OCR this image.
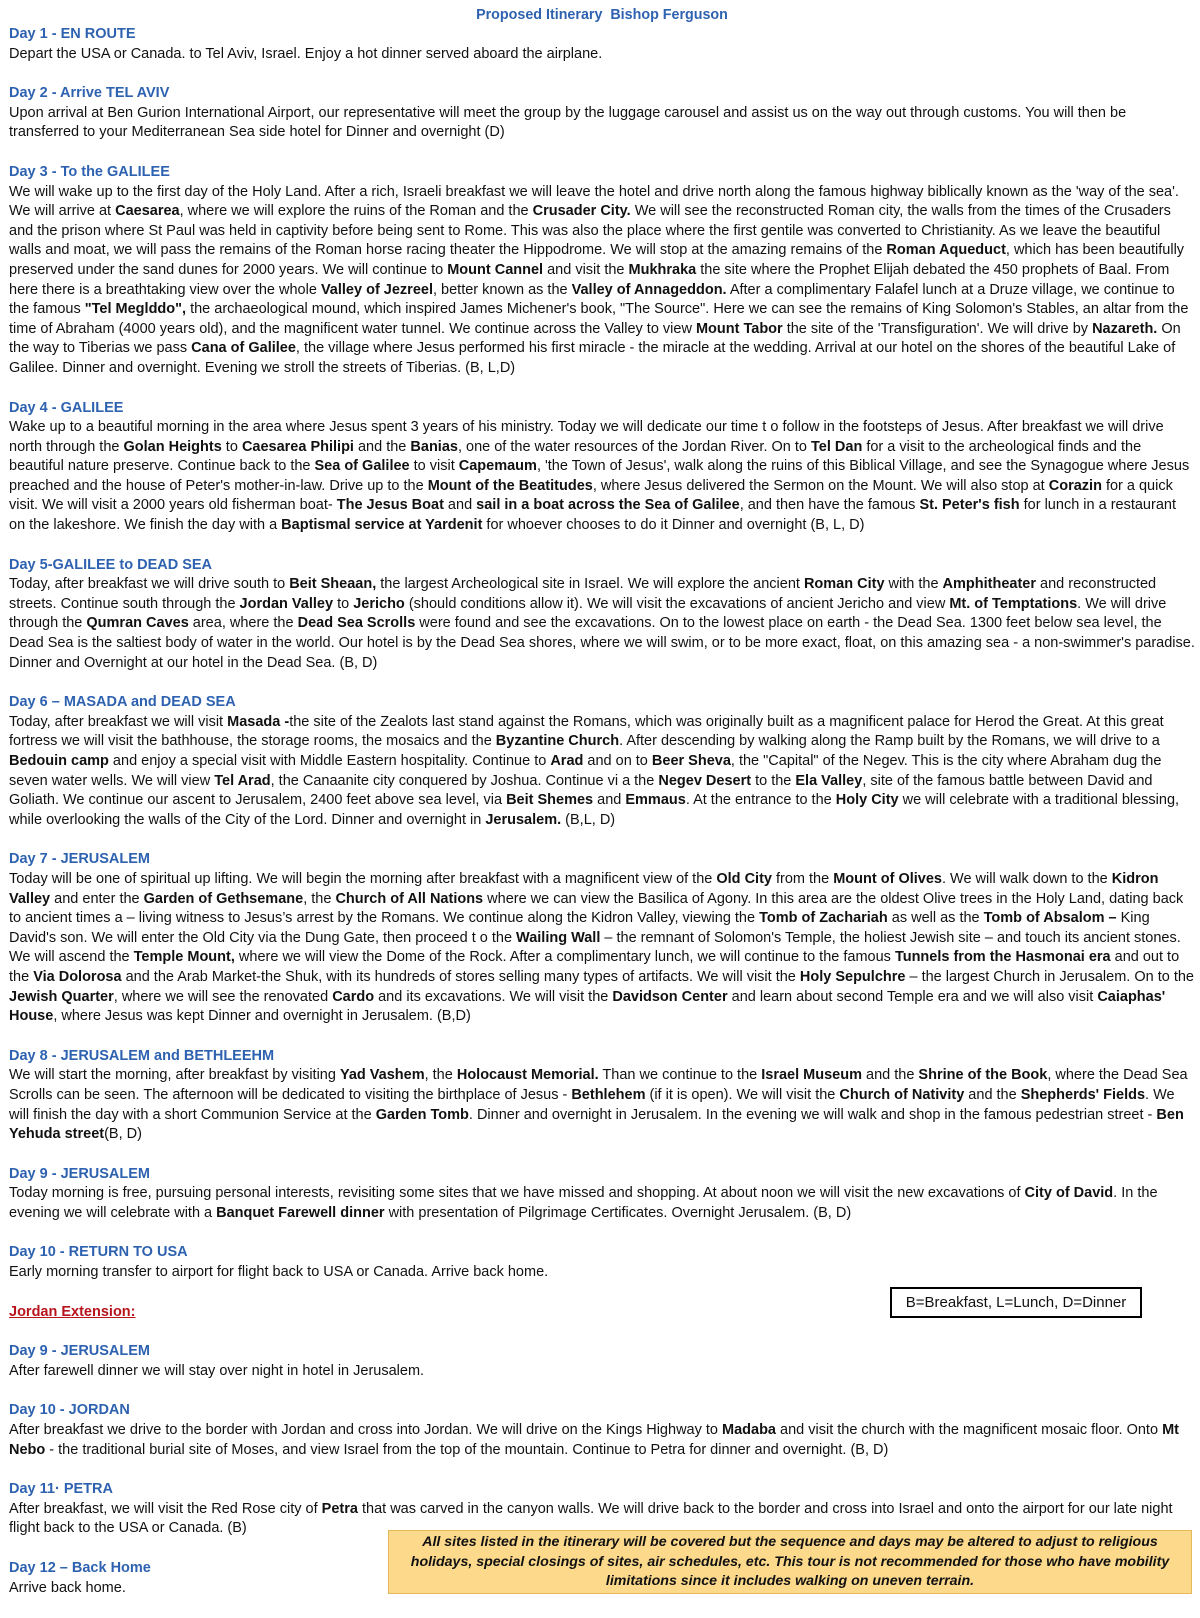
Proposed Itinerary  Bishop Ferguson
Day 1 - EN ROUTE
Depart the USA or Canada. to Tel Aviv, Israel. Enjoy a hot dinner served aboard the airplane.
Day 2 - Arrive TEL AVIV
Upon arrival at Ben Gurion International Airport, our representative will meet the group by the luggage carousel and assist us on the way out through customs. You will then be transferred to your Mediterranean Sea side hotel for Dinner and overnight (D)
Day 3 - To the GALILEE
We will wake up to the first day of the Holy Land. After a rich, Israeli breakfast we will leave the hotel and drive north along the famous highway biblically known as the 'way of the sea'. We will arrive at Caesarea, where we will explore the ruins of the Roman and the Crusader City. We will see the reconstructed Roman city, the walls from the times of the Crusaders and the prison where St Paul was held in captivity before being sent to Rome. This was also the place where the first gentile was converted to Christianity. As we leave the beautiful walls and moat, we will pass the remains of the Roman horse racing theater the Hippodrome. We will stop at the amazing remains of the Roman Aqueduct, which has been beautifully preserved under the sand dunes for 2000 years. We will continue to Mount Cannel and visit the Mukhraka the site where the Prophet Elijah debated the 450 prophets of Baal. From here there is a breathtaking view over the whole Valley of Jezreel, better known as the Valley of Annageddon. After a complimentary Falafel lunch at a Druze village, we continue to the famous "Tel Meglddo", the archaeological mound, which inspired James Michener's book, "The Source". Here we can see the remains of King Solomon's Stables, an altar from the time of Abraham (4000 years old), and the magnificent water tunnel. We continue across the Valley to view Mount Tabor the site of the 'Transfiguration'. We will drive by Nazareth. On the way to Tiberias we pass Cana of Galilee, the village where Jesus performed his first miracle - the miracle at the wedding. Arrival at our hotel on the shores of the beautiful Lake of Galilee. Dinner and overnight. Evening we stroll the streets of Tiberias. (B, L,D)
Day 4 - GALILEE
Wake up to a beautiful morning in the area where Jesus spent 3 years of his ministry. Today we will dedicate our time t o follow in the footsteps of Jesus. After breakfast we will drive north through the Golan Heights to Caesarea Philipi and the Banias, one of the water resources of the Jordan River. On to Tel Dan for a visit to the archeological finds and the beautiful nature preserve. Continue back to the Sea of Galilee to visit Capemaum, 'the Town of Jesus', walk along the ruins of this Biblical Village, and see the Synagogue where Jesus preached and the house of Peter's mother-in-law. Drive up to the Mount of the Beatitudes, where Jesus delivered the Sermon on the Mount. We will also stop at Corazin for a quick visit. We will visit a 2000 years old fisherman boat- The Jesus Boat and sail in a boat across the Sea of Galilee, and then have the famous St. Peter's fish for lunch in a restaurant on the lakeshore. We finish the day with a Baptismal service at Yardenit for whoever chooses to do it Dinner and overnight (B, L, D)
Day 5-GALILEE to DEAD SEA
Today, after breakfast we will drive south to Beit Sheaan, the largest Archeological site in Israel. We will explore the ancient Roman City with the Amphitheater and reconstructed streets. Continue south through the Jordan Valley to Jericho (should conditions allow it). We will visit the excavations of ancient Jericho and view Mt. of Temptations. We will drive through the Qumran Caves area, where the Dead Sea Scrolls were found and see the excavations. On to the lowest place on earth - the Dead Sea. 1300 feet below sea level, the Dead Sea is the saltiest body of water in the world. Our hotel is by the Dead Sea shores, where we will swim, or to be more exact, float, on this amazing sea - a non-swimmer's paradise. Dinner and Overnight at our hotel in the Dead Sea. (B, D)
Day 6 – MASADA and DEAD SEA
Today, after breakfast we will visit Masada -the site of the Zealots last stand against the Romans, which was originally built as a magnificent palace for Herod the Great. At this great fortress we will visit the bathhouse, the storage rooms, the mosaics and the Byzantine Church. After descending by walking along the Ramp built by the Romans, we will drive to a Bedouin camp and enjoy a special visit with Middle Eastern hospitality. Continue to Arad and on to Beer Sheva, the "Capital" of the Negev. This is the city where Abraham dug the seven water wells. We will view Tel Arad, the Canaanite city conquered by Joshua. Continue vi a the Negev Desert to the Ela Valley, site of the famous battle between David and Goliath. We continue our ascent to Jerusalem, 2400 feet above sea level, via Beit Shemes and Emmaus. At the entrance to the Holy City we will celebrate with a traditional blessing, while overlooking the walls of the City of the Lord. Dinner and overnight in Jerusalem. (B,L, D)
Day 7 - JERUSALEM
Today will be one of spiritual up lifting. We will begin the morning after breakfast with a magnificent view of the Old City from the Mount of Olives. We will walk down to the Kidron Valley and enter the Garden of Gethsemane, the Church of All Nations where we can view the Basilica of Agony. In this area are the oldest Olive trees in the Holy Land, dating back to ancient times a – living witness to Jesus’s arrest by the Romans. We continue along the Kidron Valley, viewing the Tomb of Zachariah as well as the Tomb of Absalom – King David's son. We will enter the Old City via the Dung Gate, then proceed t o the Wailing Wall – the remnant of Solomon's Temple, the holiest Jewish site – and touch its ancient stones. We will ascend the Temple Mount, where we will view the Dome of the Rock. After a complimentary lunch, we will continue to the famous Tunnels from the Hasmonai era and out to the Via Dolorosa and the Arab Market-the Shuk, with its hundreds of stores selling many types of artifacts. We will visit the Holy Sepulchre – the largest Church in Jerusalem. On to the Jewish Quarter, where we will see the renovated Cardo and its excavations. We will visit the Davidson Center and learn about second Temple era and we will also visit Caiaphas' House, where Jesus was kept Dinner and overnight in Jerusalem. (B,D)
Day 8 - JERUSALEM and BETHLEEHM
We will start the morning, after breakfast by visiting Yad Vashem, the Holocaust Memorial. Than we continue to the Israel Museum and the Shrine of the Book, where the Dead Sea Scrolls can be seen. The afternoon will be dedicated to visiting the birthplace of Jesus - Bethlehem (if it is open). We will visit the Church of Nativity and the Shepherds' Fields. We will finish the day with a short Communion Service at the Garden Tomb. Dinner and overnight in Jerusalem. In the evening we will walk and shop in the famous pedestrian street - Ben Yehuda street(B, D)
Day 9 - JERUSALEM
Today morning is free, pursuing personal interests, revisiting some sites that we have missed and shopping. At about noon we will visit the new excavations of City of David. In the evening we will celebrate with a Banquet Farewell dinner with presentation of Pilgrimage Certificates. Overnight Jerusalem. (B, D)
Day 10 - RETURN TO USA
Early morning transfer to airport for flight back to USA or Canada. Arrive back home.
Jordan Extension:
Day 9 - JERUSALEM
After farewell dinner we will stay over night in hotel in Jerusalem.
Day 10 - JORDAN
After breakfast we drive to the border with Jordan and cross into Jordan. We will drive on the Kings Highway to Madaba and visit the church with the magnificent mosaic floor. Onto Mt Nebo - the traditional burial site of Moses, and view Israel from the top of the mountain. Continue to Petra for dinner and overnight. (B, D)
Day 11· PETRA
After breakfast, we will visit the Red Rose city of Petra that was carved in the canyon walls. We will drive back to the border and cross into Israel and onto the airport for our late night flight back to the USA or Canada. (B)
Day 12 – Back Home
Arrive back home.
B=Breakfast, L=Lunch, D=Dinner
All sites listed in the itinerary will be covered but the sequence and days may be altered to adjust to religious holidays, special closings of sites, air schedules, etc. This tour is not recommended for those who have mobility limitations since it includes walking on uneven terrain.
